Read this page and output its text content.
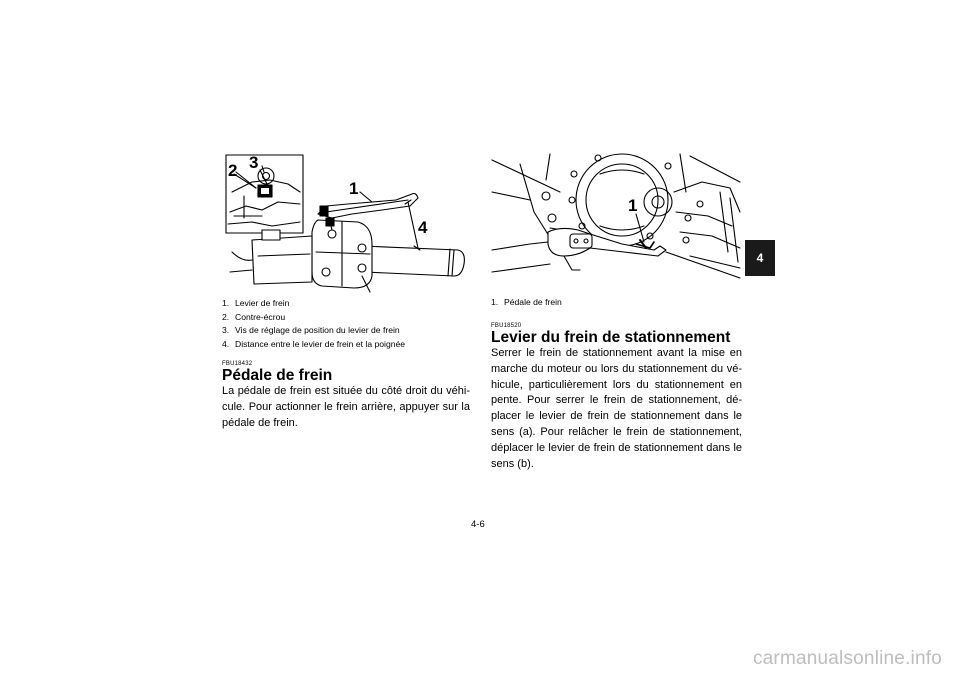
1
2 3
4
1. Levier de frein
2. Contre-écrou
3. Vis de réglage de position du levier de frein
4. Distance entre le levier de frein et la poignée
FBU18432
Pédale de frein

La pédale de frein est située du côté droit du véhi-cule. Pour actionner le frein arrière, appuyer sur la pédale de frein.

1
1. Pédale de frein
FBU18520
Levier du frein de stationnement

Serrer le frein de stationnement avant la mise en marche du moteur ou lors du stationnement du vé-hicule, particulièrement lors du stationnement en pente. Pour serrer le frein de stationnement, dé-placer le levier de frein de stationnement dans le sens (a). Pour relâcher le frein de stationnement, déplacer le levier de frein de stationnement dans le sens (b).

4
4-6
carmanualsonline.info
